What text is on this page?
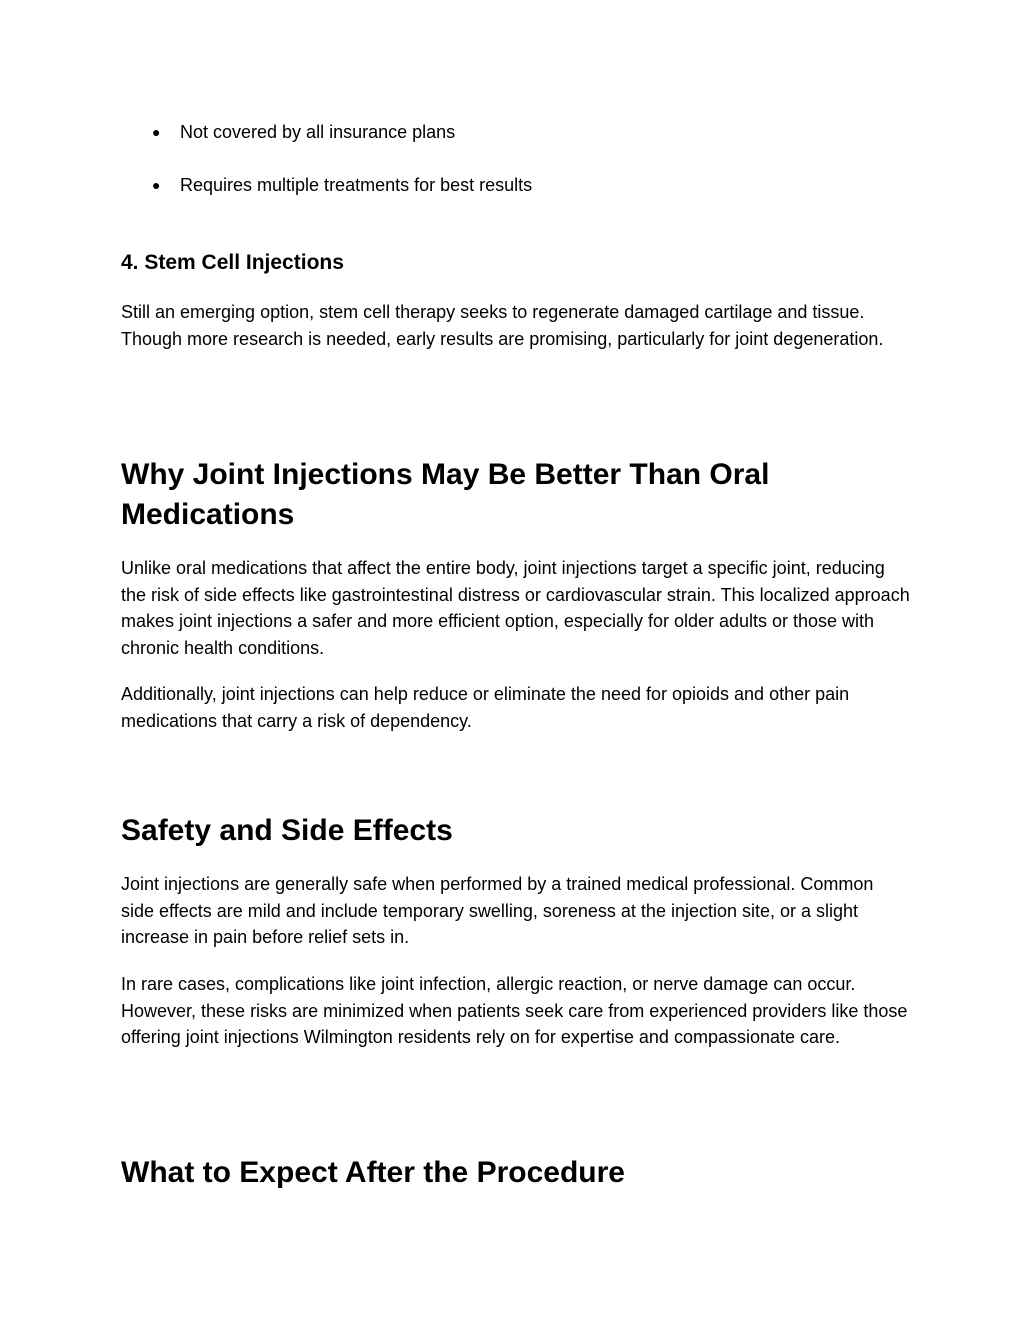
● Not covered by all insurance plans
● Requires multiple treatments for best results
4. Stem Cell Injections

Still an emerging option, stem cell therapy seeks to regenerate damaged cartilage and tissue. Though more research is needed, early results are promising, particularly for joint degeneration.

Why Joint Injections May Be Better Than Oral Medications

Unlike oral medications that affect the entire body, joint injections target a specific joint, reducing the risk of side effects like gastrointestinal distress or cardiovascular strain. This localized approach makes joint injections a safer and more efficient option, especially for older adults or those with chronic health conditions.

Additionally, joint injections can help reduce or eliminate the need for opioids and other pain medications that carry a risk of dependency.

Safety and Side Effects

Joint injections are generally safe when performed by a trained medical professional. Common side effects are mild and include temporary swelling, soreness at the injection site, or a slight increase in pain before relief sets in.

In rare cases, complications like joint infection, allergic reaction, or nerve damage can occur. However, these risks are minimized when patients seek care from experienced providers like those offering joint injections Wilmington residents rely on for expertise and compassionate care.

What to Expect After the Procedure
